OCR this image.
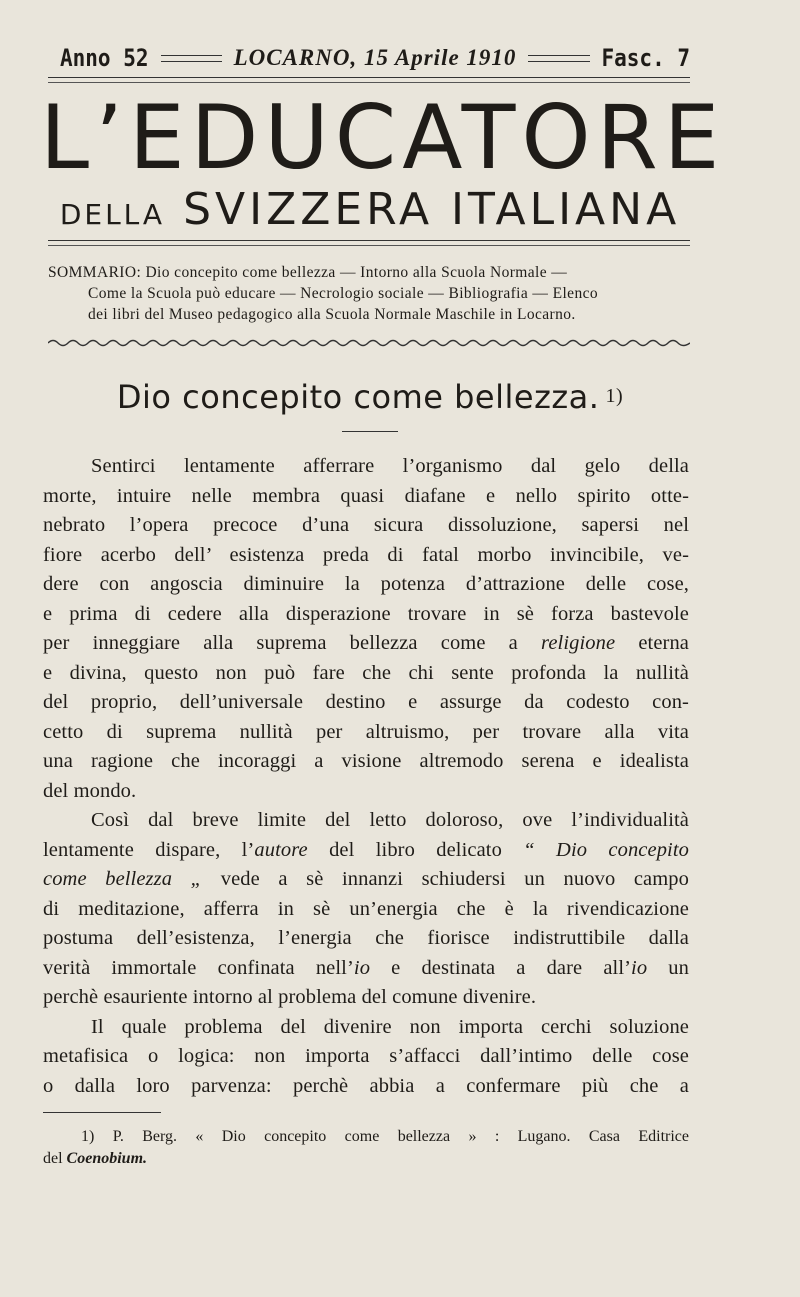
Anno 52	LOCARNO, 15 Aprile 1910	Fasc. 7
L’EDUCATORE
DELLA SVIZZERA ITALIANA
SOMMARIO: Dio concepito come bellezza — Intorno alla Scuola Normale —
Come la Scuola può educare — Necrologio sociale — Bibliografia — Elenco
dei libri del Museo pedagogico alla Scuola Normale Maschile in Locarno.
Dio concepito come bellezza. $^{1)}$
Sentirci lentamente afferrare l’organismo dal gelo della
morte, intuire nelle membra quasi diafane e nello spirito otte-
nebrato l’opera precoce d’una sicura dissoluzione, sapersi nel
fiore acerbo dell’ esistenza preda di fatal morbo invincibile, ve-
dere con angoscia diminuire la potenza d’attrazione delle cose,
e prima di cedere alla disperazione trovare in sè forza bastevole
per inneggiare alla suprema bellezza come a religione eterna
e divina, questo non può fare che chi sente profonda la nullità
del proprio, dell’universale destino e assurge da codesto con-
cetto di suprema nullità per altruismo, per trovare alla vita
una ragione che incoraggi a visione altremodo serena e idealista
del mondo.
Così dal breve limite del letto doloroso, ove l’individualità
lentamente dispare, l’autore del libro delicato “ Dio concepito
come bellezza „ vede a sè innanzi schiudersi un nuovo campo
di meditazione, afferra in sè un’energia che è la rivendicazione
postuma dell’esistenza, l’energia che fiorisce indistruttibile dalla
verità immortale confinata nell’io e destinata a dare all’io un
perchè esauriente intorno al problema del comune divenire.
Il quale problema del divenire non importa cerchi soluzione
metafisica o logica: non importa s’affacci dall’intimo delle cose
o dalla loro parvenza: perchè abbia a confermare più che a
1) P. Berg. « Dio concepito come bellezza » : Lugano. Casa Editrice
del Coenobium.
